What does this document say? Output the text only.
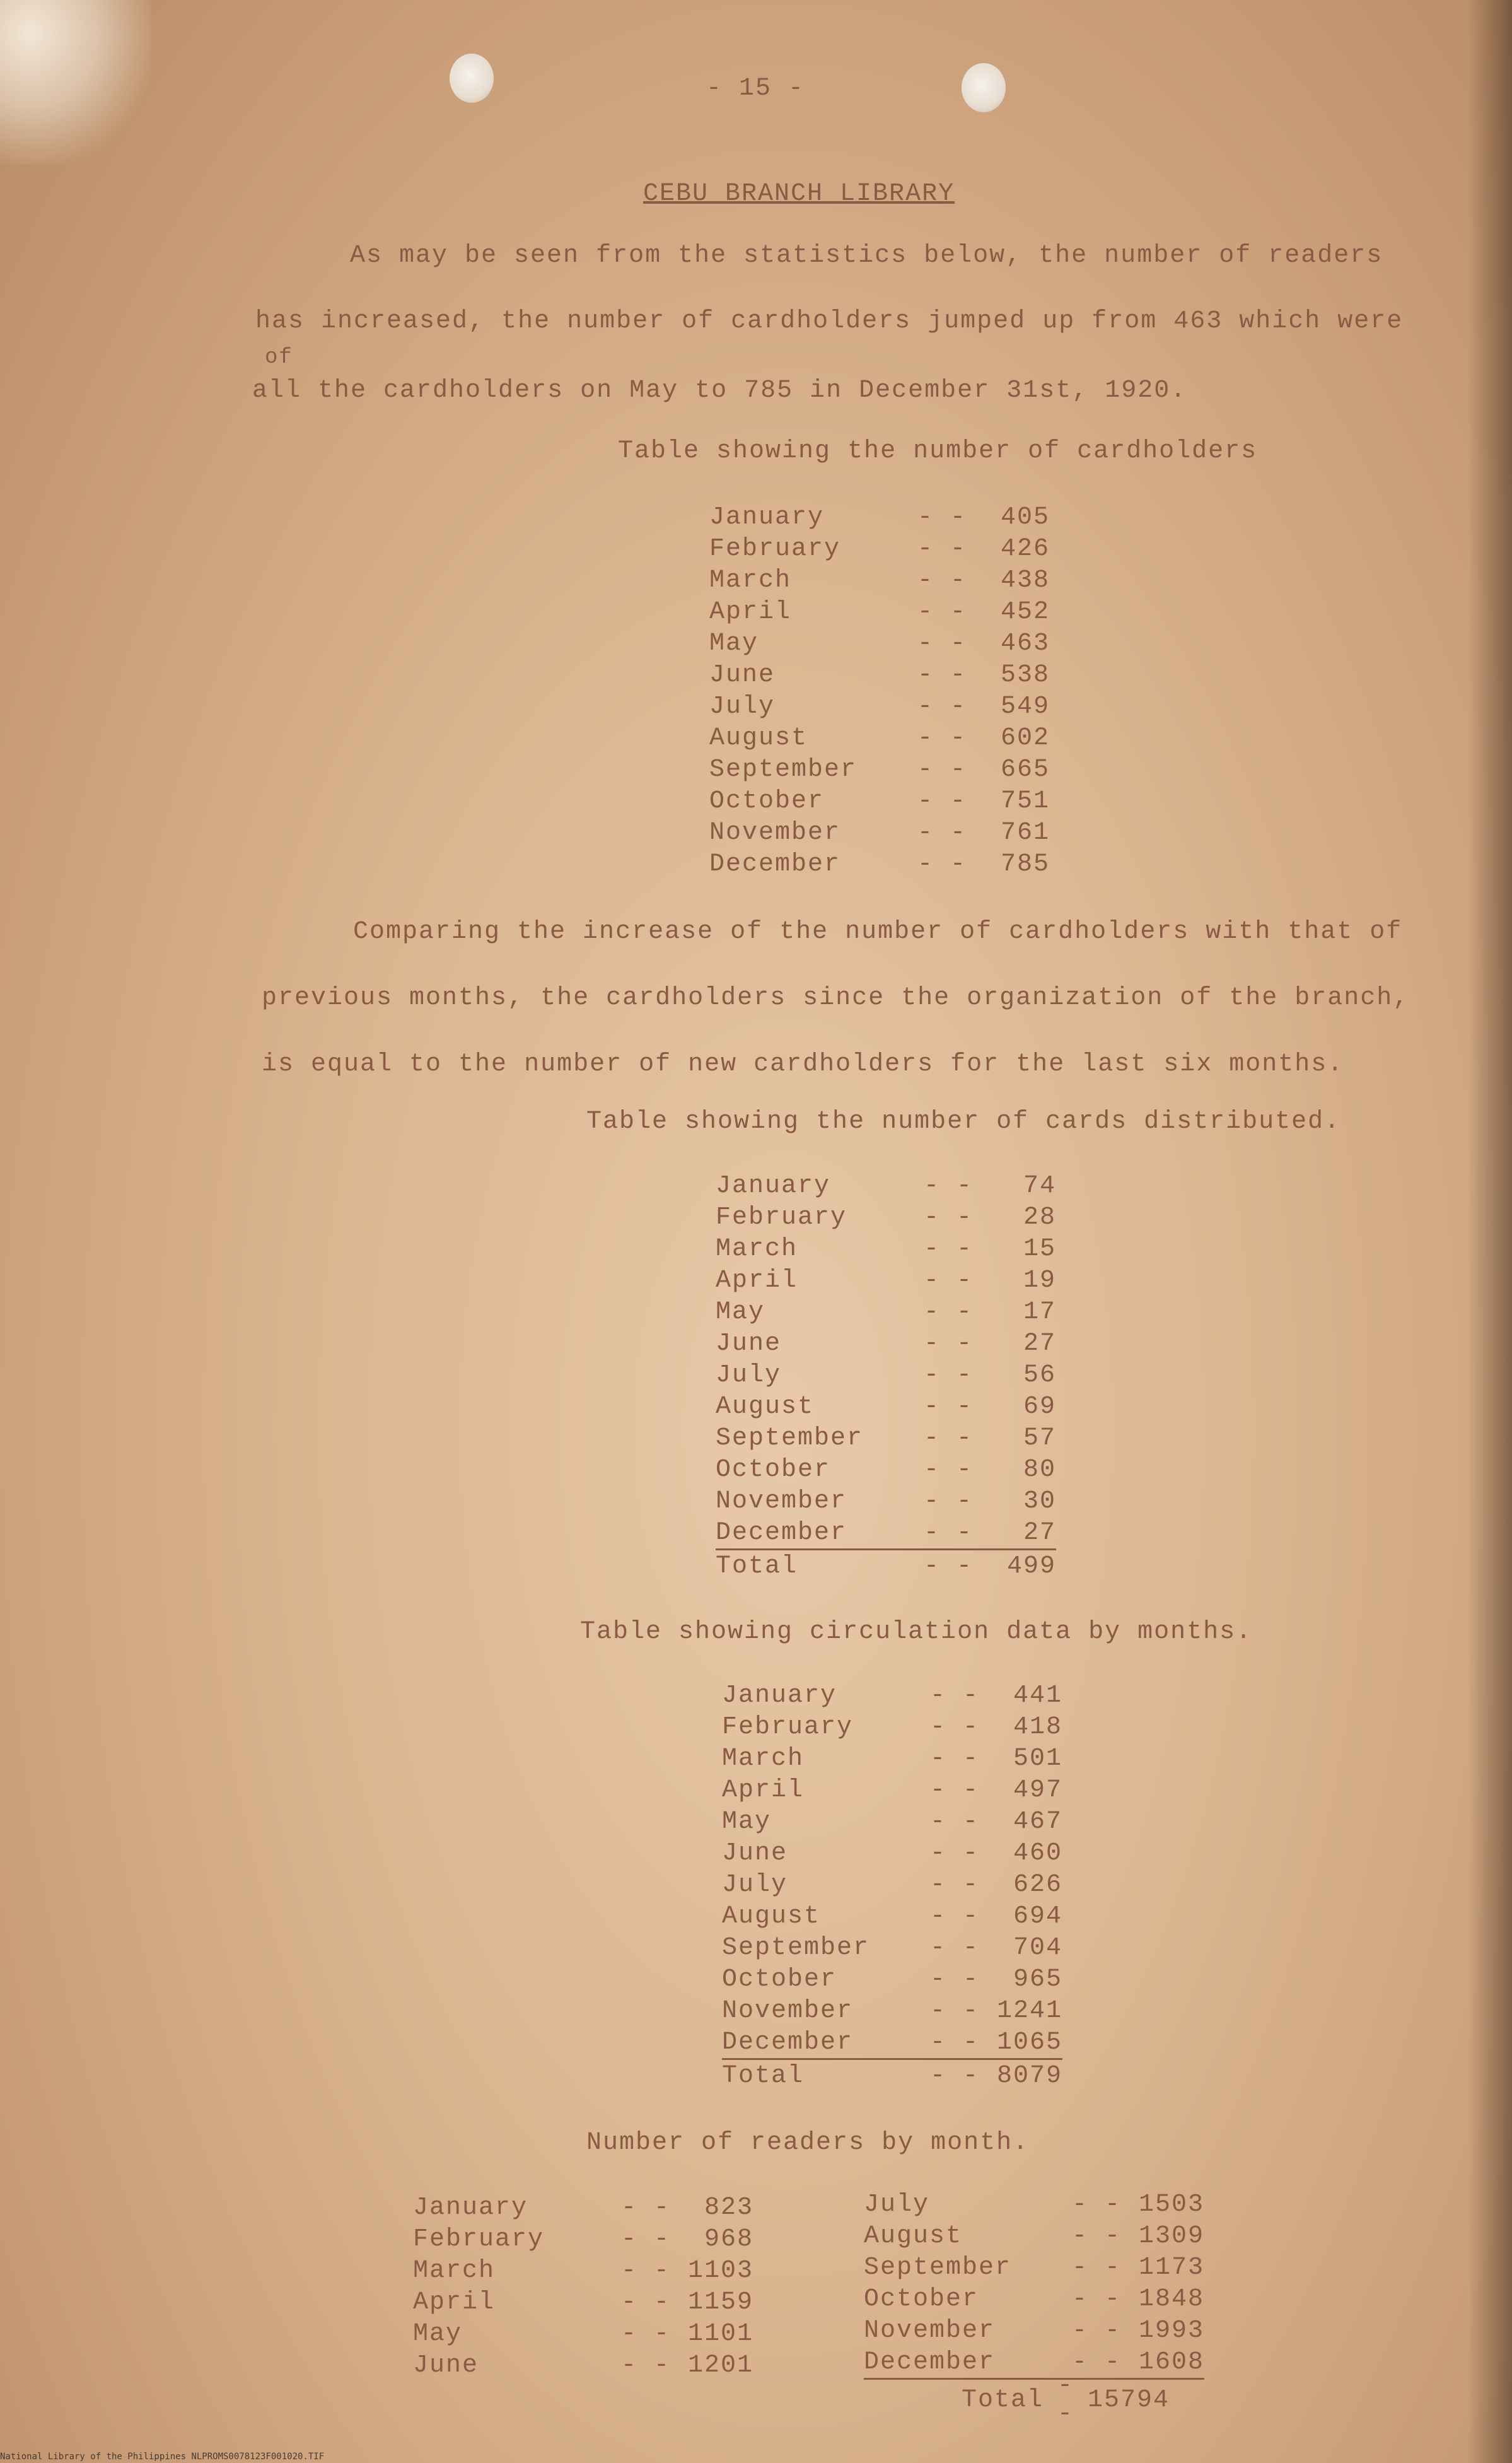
- 15 -
CEBU BRANCH LIBRARY
As may be seen from the statistics below, the number of readers
has increased, the number of cardholders jumped up from 463 which were
of
all the cardholders on May to 785 in December 31st, 1920.
Table showing the number of cardholders
January	- -	405
February	- -	426
March	- -	438
April	- -	452
May	- -	463
June	- -	538
July	- -	549
August	- -	602
September	- -	665
October	- -	751
November	- -	761
December	- -	785
Comparing the increase of the number of cardholders with that of
previous months, the cardholders since the organization of the branch,
is equal to the number of new cardholders for the last six months.
Table showing the number of cards distributed.
January	- -	74
February	- -	28
March	- -	15
April	- -	19
May	- -	17
June	- -	27
July	- -	56
August	- -	69
September	- -	57
October	- -	80
November	- -	30
December	- -	27
Total	- -	499
Table showing circulation data by months.
January	- -	441
February	- -	418
March	- -	501
April	- -	497
May	- -	467
June	- -	460
July	- -	626
August	- -	694
September	- -	704
October	- -	965
November	- - 1241
December	- - 1065
Total	- - 8079
Number of readers by month.
January	- -	823
February	- -	968
March	- - 1103
April	- - 1159
May	- - 1101
June	- - 1201
July	- - 1503
August	- - 1309
September	- - 1173
October	- - 1848
November	- - 1993
December	- - 1608
Total - - 15794
National Library of the Philippines NLPROMS0078123F001020.TIF
